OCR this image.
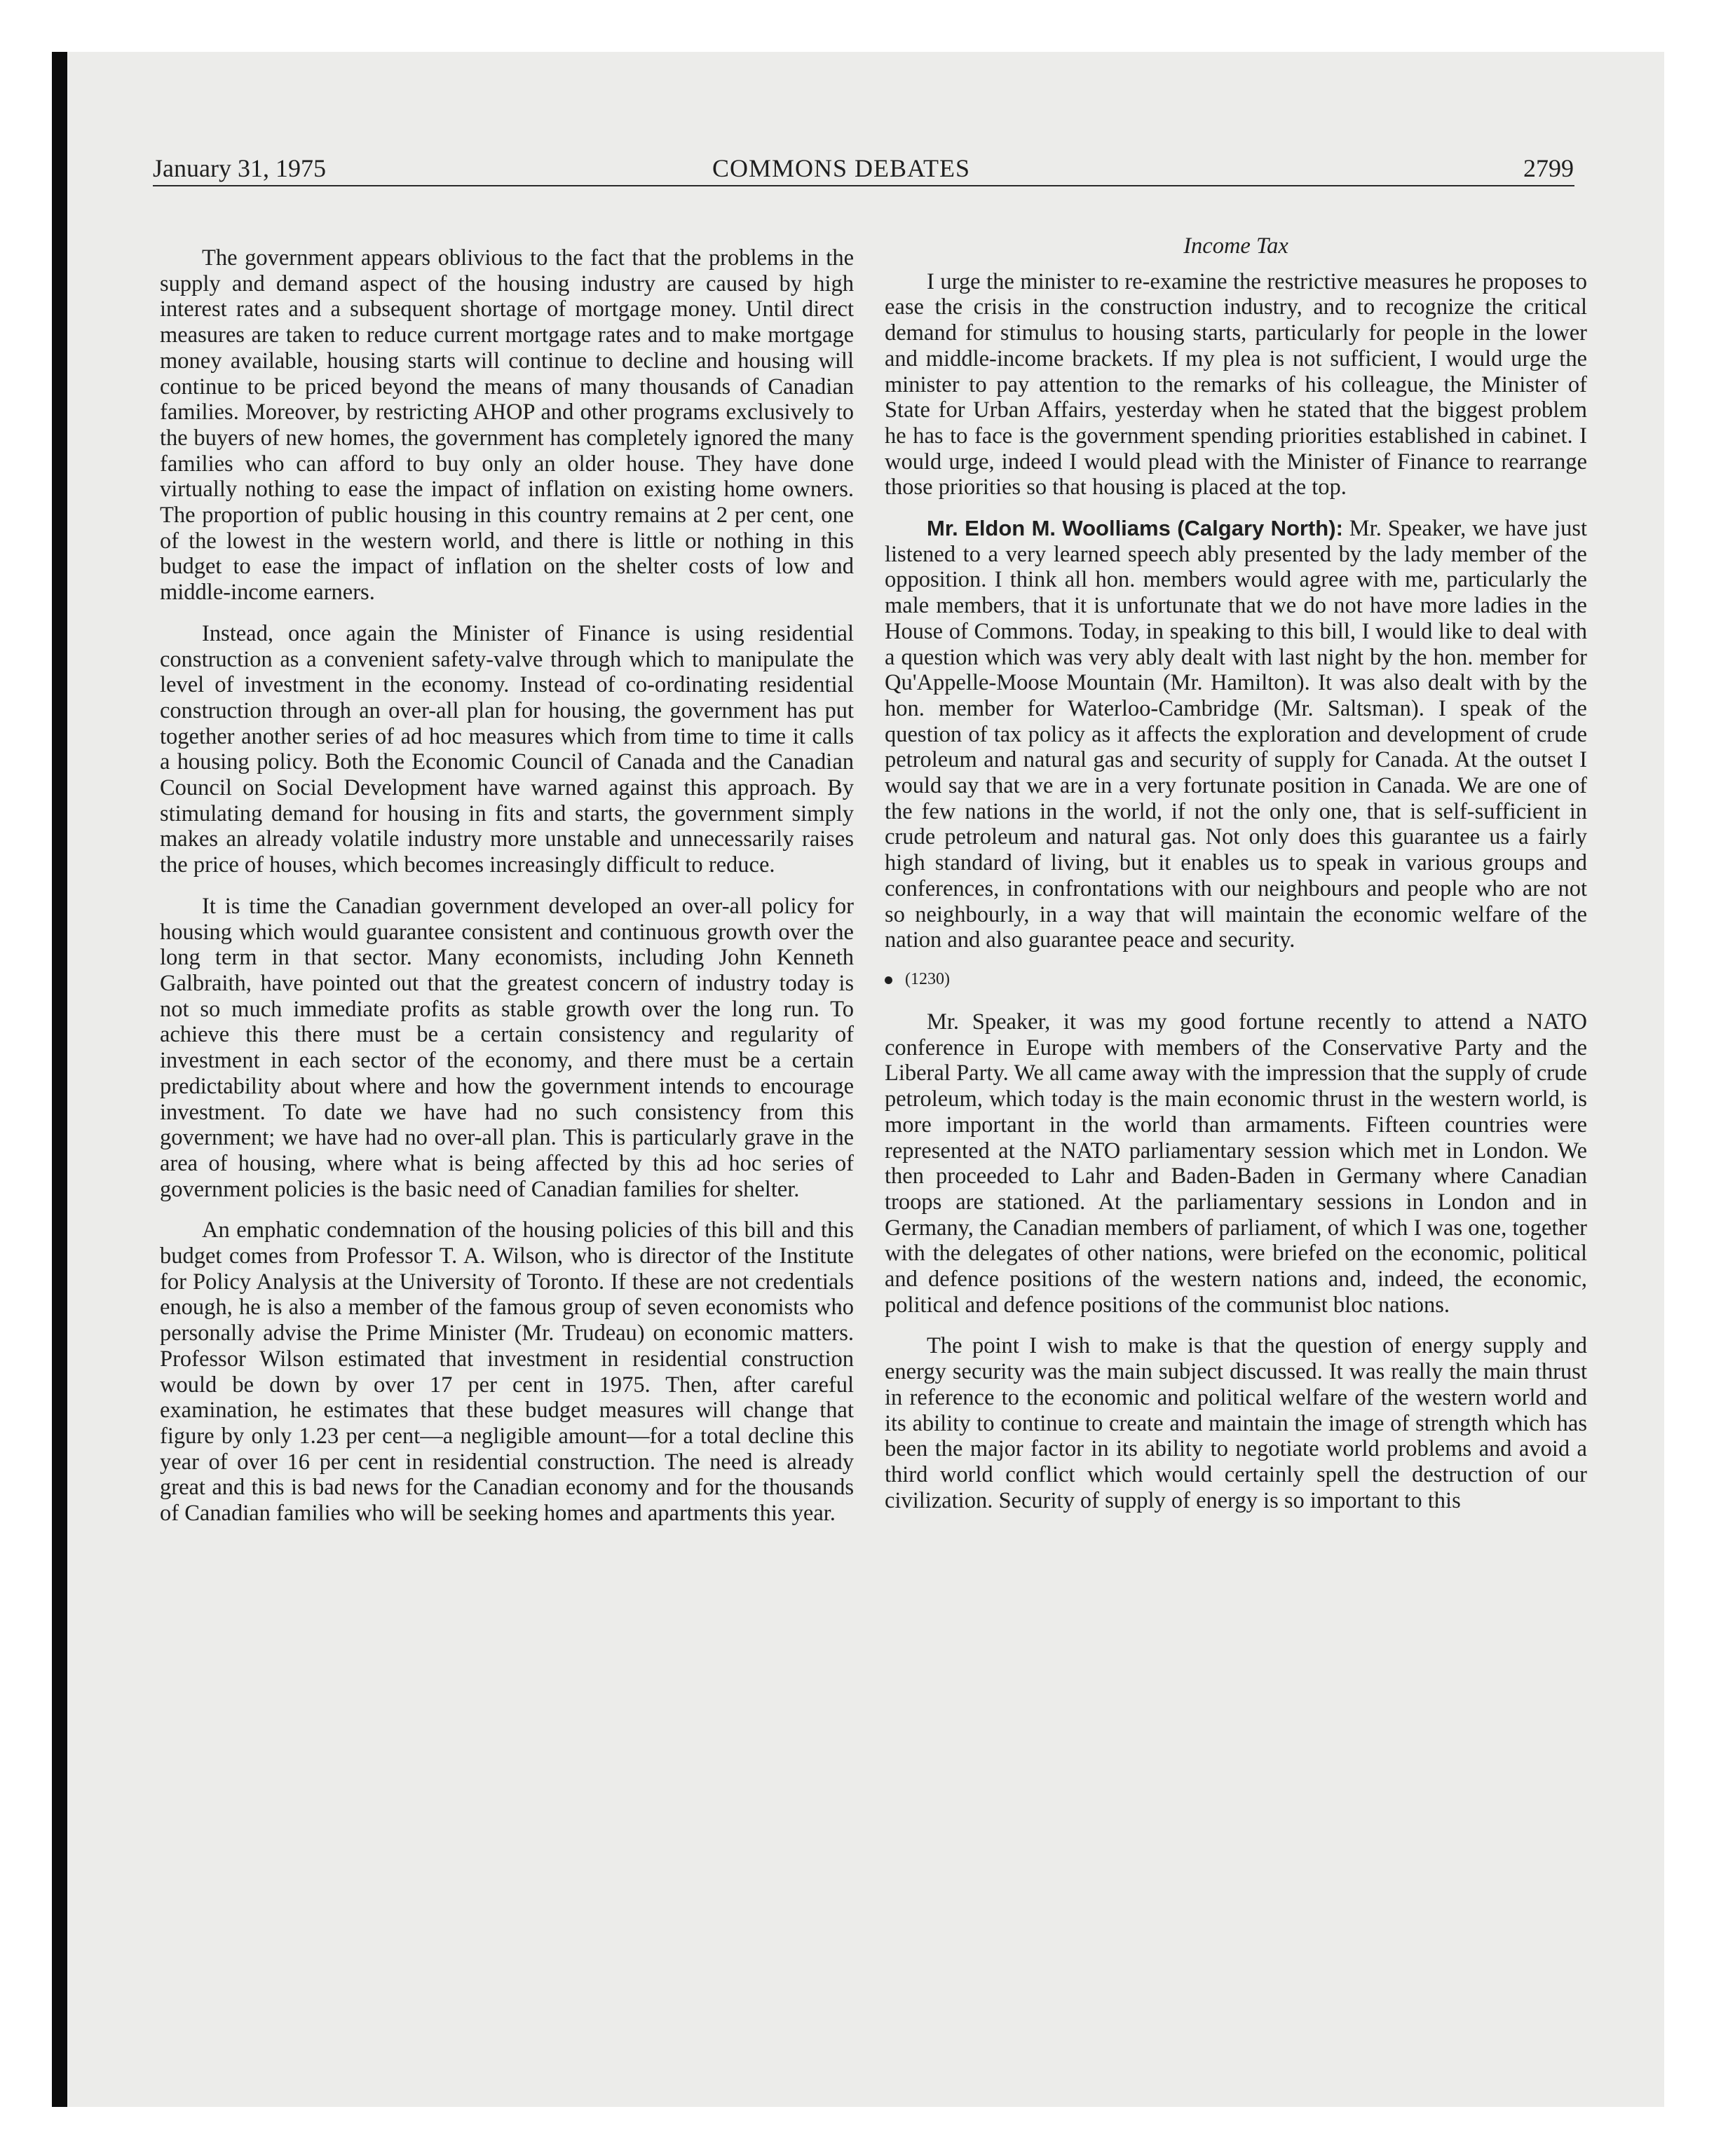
January 31, 1975	COMMONS DEBATES	2799

The government appears oblivious to the fact that the problems in the supply and demand aspect of the housing industry are caused by high interest rates and a subsequent shortage of mortgage money. Until direct measures are taken to reduce current mortgage rates and to make mortgage money available, housing starts will continue to decline and housing will continue to be priced beyond the means of many thousands of Canadian families. Moreover, by restricting AHOP and other programs exclusively to the buyers of new homes, the government has completely ignored the many families who can afford to buy only an older house. They have done virtually nothing to ease the impact of inflation on existing home owners. The proportion of public housing in this country remains at 2 per cent, one of the lowest in the western world, and there is little or nothing in this budget to ease the impact of inflation on the shelter costs of low and middle-income earners.

Instead, once again the Minister of Finance is using residential construction as a convenient safety-valve through which to manipulate the level of investment in the economy. Instead of co-ordinating residential construction through an over-all plan for housing, the government has put together another series of ad hoc measures which from time to time it calls a housing policy. Both the Economic Council of Canada and the Canadian Council on Social Development have warned against this approach. By stimulating demand for housing in fits and starts, the government simply makes an already volatile industry more unstable and unnecessarily raises the price of houses, which becomes increasingly difficult to reduce.

It is time the Canadian government developed an over-all policy for housing which would guarantee consistent and continuous growth over the long term in that sector. Many economists, including John Kenneth Galbraith, have pointed out that the greatest concern of industry today is not so much immediate profits as stable growth over the long run. To achieve this there must be a certain consistency and regularity of investment in each sector of the economy, and there must be a certain predictability about where and how the government intends to encourage investment. To date we have had no such consistency from this government; we have had no over-all plan. This is particularly grave in the area of housing, where what is being affected by this ad hoc series of government policies is the basic need of Canadian families for shelter.

An emphatic condemnation of the housing policies of this bill and this budget comes from Professor T. A. Wilson, who is director of the Institute for Policy Analysis at the University of Toronto. If these are not credentials enough, he is also a member of the famous group of seven economists who personally advise the Prime Minister (Mr. Trudeau) on economic matters. Professor Wilson estimated that investment in residential construction would be down by over 17 per cent in 1975. Then, after careful examination, he estimates that these budget measures will change that figure by only 1.23 per cent—a negligible amount—for a total decline this year of over 16 per cent in residential construction. The need is already great and this is bad news for the Canadian economy and for the thousands of Canadian families who will be seeking homes and apartments this year.

Income Tax

I urge the minister to re-examine the restrictive measures he proposes to ease the crisis in the construction industry, and to recognize the critical demand for stimulus to housing starts, particularly for people in the lower and middle-income brackets. If my plea is not sufficient, I would urge the minister to pay attention to the remarks of his colleague, the Minister of State for Urban Affairs, yesterday when he stated that the biggest problem he has to face is the government spending priorities established in cabinet. I would urge, indeed I would plead with the Minister of Finance to rearrange those priorities so that housing is placed at the top.

Mr. Eldon M. Woolliams (Calgary North): Mr. Speaker, we have just listened to a very learned speech ably presented by the lady member of the opposition. I think all hon. members would agree with me, particularly the male members, that it is unfortunate that we do not have more ladies in the House of Commons. Today, in speaking to this bill, I would like to deal with a question which was very ably dealt with last night by the hon. member for Qu'Appelle-Moose Mountain (Mr. Hamilton). It was also dealt with by the hon. member for Waterloo-Cambridge (Mr. Saltsman). I speak of the question of tax policy as it affects the exploration and development of crude petroleum and natural gas and security of supply for Canada. At the outset I would say that we are in a very fortunate position in Canada. We are one of the few nations in the world, if not the only one, that is self-sufficient in crude petroleum and natural gas. Not only does this guarantee us a fairly high standard of living, but it enables us to speak in various groups and conferences, in confrontations with our neighbours and people who are not so neighbourly, in a way that will maintain the economic welfare of the nation and also guarantee peace and security.

(1230)

Mr. Speaker, it was my good fortune recently to attend a NATO conference in Europe with members of the Conservative Party and the Liberal Party. We all came away with the impression that the supply of crude petroleum, which today is the main economic thrust in the western world, is more important in the world than armaments. Fifteen countries were represented at the NATO parliamentary session which met in London. We then proceeded to Lahr and Baden-Baden in Germany where Canadian troops are stationed. At the parliamentary sessions in London and in Germany, the Canadian members of parliament, of which I was one, together with the delegates of other nations, were briefed on the economic, political and defence positions of the western nations and, indeed, the economic, political and defence positions of the communist bloc nations.

The point I wish to make is that the question of energy supply and energy security was the main subject discussed. It was really the main thrust in reference to the economic and political welfare of the western world and its ability to continue to create and maintain the image of strength which has been the major factor in its ability to negotiate world problems and avoid a third world conflict which would certainly spell the destruction of our civilization. Security of supply of energy is so important to this
